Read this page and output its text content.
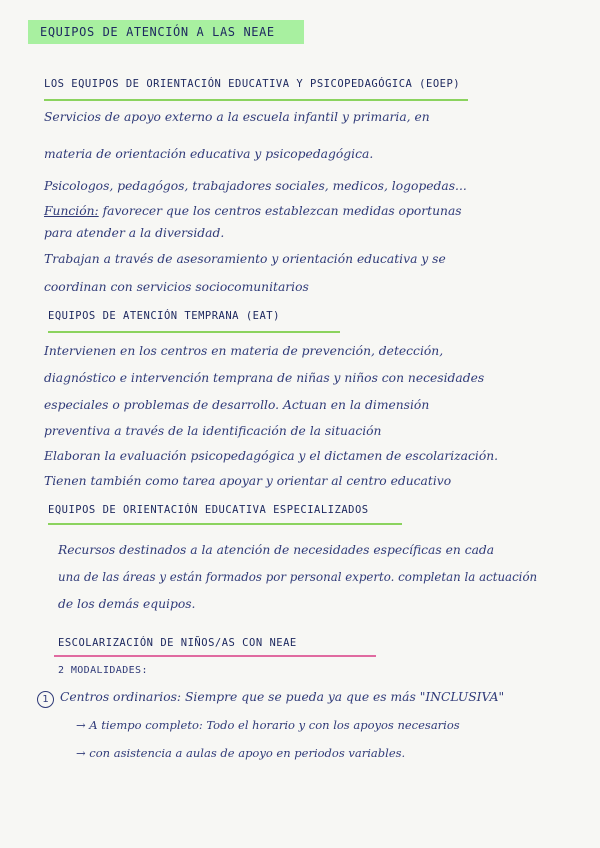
EQUIPOS DE ATENCIÓN A LAS NEAE
LOS EQUIPOS DE ORIENTACIÓN EDUCATIVA Y PSICOPEDAGÓGICA (EOEP)
Servicios de apoyo externo a la escuela infantil y primaria, en
materia de orientación educativa y psicopedagógica.
Psicologos, pedagógos, trabajadores sociales, medicos, logopedas...
Función: favorecer que los centros establezcan medidas oportunas
para atender a la diversidad.
Trabajan a través de asesoramiento y orientación educativa y se
coordinan con servicios sociocomunitarios
EQUIPOS DE ATENCIÓN TEMPRANA (EAT)
Intervienen en los centros en materia de prevención, detección,
diagnóstico e intervención temprana de niñas y niños con necesidades
especiales o problemas de desarrollo. Actuan en la dimensión
preventiva a través de la identificación de la situación
Elaboran la evaluación psicopedagógica y el dictamen de escolarización.
Tienen también como tarea apoyar y orientar al centro educativo
EQUIPOS DE ORIENTACIÓN EDUCATIVA ESPECIALIZADOS
Recursos destinados a la atención de necesidades específicas en cada
una de las áreas y están formados por personal experto. completan la actuación
de los demás equipos.
ESCOLARIZACIÓN DE NIÑOS/AS CON NEAE
2 MODALIDADES:
1 Centros ordinarios: Siempre que se pueda ya que es más "INCLUSIVA"
→ A tiempo completo: Todo el horario y con los apoyos necesarios
→ con asistencia a aulas de apoyo en periodos variables.
